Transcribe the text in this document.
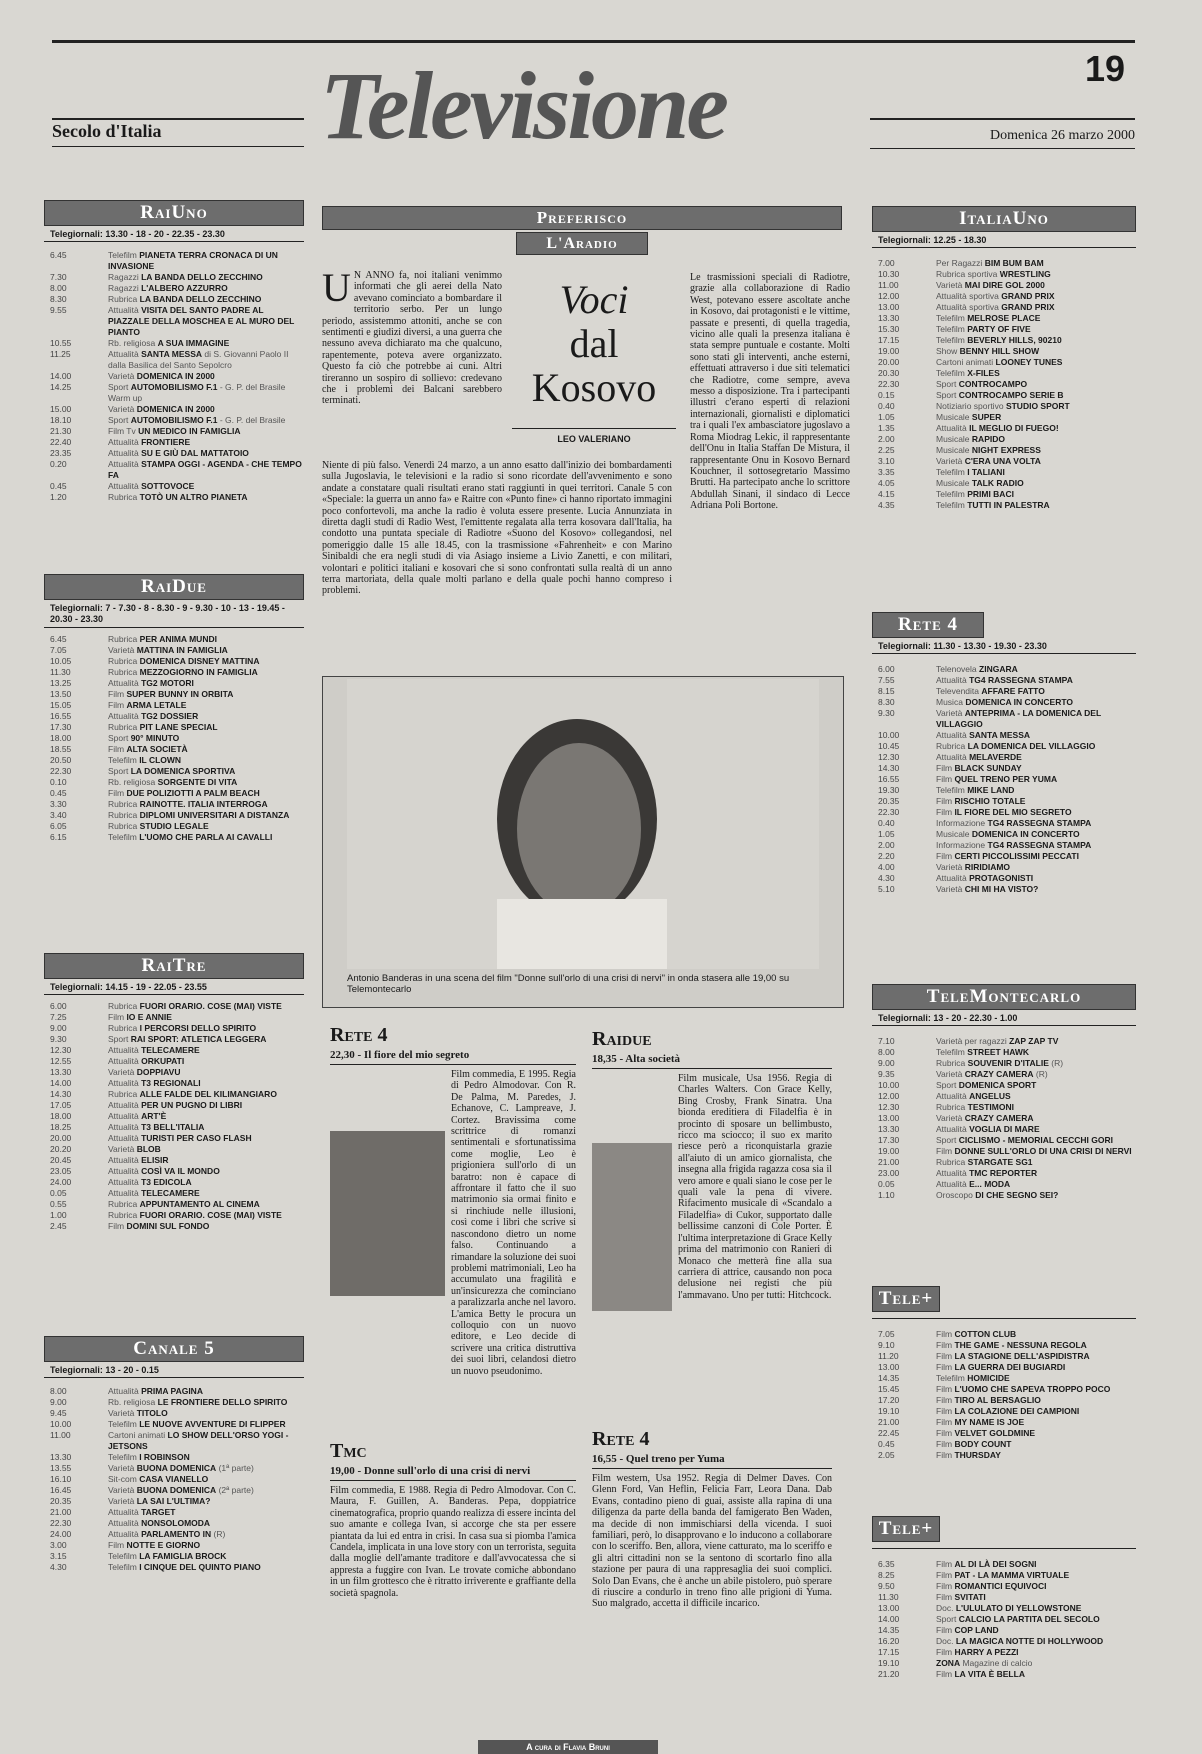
19
Secolo d'Italia Televisione	Domenica 26 marzo 2000
RaiUno
Telegiornali: 13.30 - 18 - 20 - 22.35 - 23.30
6.45	Telefilm PIANETA TERRA CRONACA DI UN INVASIONE
7.30	Ragazzi LA BANDA DELLO ZECCHINO
8.00	Ragazzi L'ALBERO AZZURRO
8.30	Rubrica LA BANDA DELLO ZECCHINO
9.55	Attualità VISITA DEL SANTO PADRE AL PIAZZALE DELLA MOSCHEA E AL MURO DEL PIANTO
10.55	Rb. religiosa A SUA IMMAGINE
11.25	Attualità SANTA MESSA di S. Giovanni Paolo II dalla Basilica del Santo Sepolcro
14.00	Varietà DOMENICA IN 2000
14.25	Sport AUTOMOBILISMO F.1 - G. P. del Brasile Warm up
15.00	Varietà DOMENICA IN 2000
18.10	Sport AUTOMOBILISMO F.1 - G. P. del Brasile
21.30	Film Tv UN MEDICO IN FAMIGLIA
22.40	Attualità FRONTIERE
23.35	Attualità SU E GIÙ DAL MATTATOIO
0.20	Attualità STAMPA OGGI - AGENDA - CHE TEMPO FA
0.45	Attualità SOTTOVOCE
1.20	Rubrica TOTÒ UN ALTRO PIANETA
RaiDue
Telegiornali: 7 - 7.30 - 8 - 8.30 - 9 - 9.30 - 10 - 13 - 19.45 - 20.30 - 23.30
6.45	Rubrica PER ANIMA MUNDI
7.05	Varietà MATTINA IN FAMIGLIA
10.05	Rubrica DOMENICA DISNEY MATTINA
11.30	Rubrica MEZZOGIORNO IN FAMIGLIA
13.25	Attualità TG2 MOTORI
13.50	Film SUPER BUNNY IN ORBITA
15.05	Film ARMA LETALE
16.55	Attualità TG2 DOSSIER
17.30	Rubrica PIT LANE SPECIAL
18.00	Sport 90° MINUTO
18.55	Film ALTA SOCIETÀ
20.50	Telefilm IL CLOWN
22.30	Sport LA DOMENICA SPORTIVA
0.10	Rb. religiosa SORGENTE DI VITA
0.45	Film DUE POLIZIOTTI A PALM BEACH
3.30	Rubrica RAINOTTE. ITALIA INTERROGA
3.40	Rubrica DIPLOMI UNIVERSITARI A DISTANZA
6.05	Rubrica STUDIO LEGALE
6.15	Telefilm L'UOMO CHE PARLA AI CAVALLI
RaiTre
Telegiornali: 14.15 - 19 - 22.05 - 23.55
6.00	Rubrica FUORI ORARIO. COSE (MAI) VISTE
7.25	Film IO E ANNIE
9.00	Rubrica I PERCORSI DELLO SPIRITO
9.30	Sport RAI SPORT: ATLETICA LEGGERA
12.30	Attualità TELECAMERE
12.55	Attualità ORKUPATI
13.30	Varietà DOPPIAVU
14.00	Attualità T3 REGIONALI
14.30	Rubrica ALLE FALDE DEL KILIMANGIARO
17.05	Attualità PER UN PUGNO DI LIBRI
18.00	Attualità ART'È
18.25	Attualità T3 BELL'ITALIA
20.00	Attualità TURISTI PER CASO FLASH
20.20	Varietà BLOB
20.45	Attualità ELISIR
23.05	Attualità COSÌ VA IL MONDO
24.00	Attualità T3 EDICOLA
0.05	Attualità TELECAMERE
0.55	Rubrica APPUNTAMENTO AL CINEMA
1.00	Rubrica FUORI ORARIO. COSE (MAI) VISTE
2.45	Film DOMINI SUL FONDO
Canale 5
Telegiornali: 13 - 20 - 0.15
8.00	Attualità PRIMA PAGINA
9.00	Rb. religiosa LE FRONTIERE DELLO SPIRITO
9.45	Varietà TITOLO
10.00	Telefilm LE NUOVE AVVENTURE DI FLIPPER
11.00	Cartoni animati LO SHOW DELL'ORSO YOGI - JETSONS
13.30	Telefilm I ROBINSON
13.55	Varietà BUONA DOMENICA (1ª parte)
16.10	Sit-com CASA VIANELLO
16.45	Varietà BUONA DOMENICA (2ª parte)
20.35	Varietà LA SAI L'ULTIMA?
21.00	Attualità TARGET
22.30	Attualità NONSOLOMODA
24.00	Attualità PARLAMENTO IN (R)
3.00	Film NOTTE E GIORNO
3.15	Telefilm LA FAMIGLIA BROCK
4.30	Telefilm I CINQUE DEL QUINTO PIANO
Preferisco
L'Aradio
U N ANNO fa, noi italiani venimmo informati che gli aerei della Nato avevano cominciato a bombardare il territorio serbo. Per un lungo periodo, assistemmo attoniti, anche se con sentimenti e giudizi diversi, a una guerra che nessuno aveva dichiarato ma che qualcuno, rapentemente, poteva avere organizzato. Questo fa ciò che potrebbe ai cuni. Altri tireranno un sospiro di sollievo: credevano che i problemi dei Balcani sarebbero terminati.
Voci
dal
Kosovo
LEO VALERIANO
Niente di più falso. Venerdì 24 marzo, a un anno esatto dall'inizio dei bombardamenti sulla Jugoslavia, le televisioni e la radio si sono ricordate dell'avvenimento e sono andate a constatare quali risultati erano stati raggiunti in quei territori. Canale 5 con «Speciale: la guerra un anno fa» e Raitre con «Punto fine» ci hanno riportato immagini poco confortevoli, ma anche la radio è voluta essere presente. Lucia Annunziata in diretta dagli studi di Radio West, l'emittente regalata alla terra kosovara dall'Italia, ha condotto una puntata speciale di Radiotre «Suono del Kosovo» collegandosi, nel pomeriggio dalle 15 alle 18.45, con la trasmissione «Fahrenheit» e con Marino Sinibaldi che era negli studi di via Asiago insieme a Livio Zanetti, e con militari, volontari e politici italiani e kosovari che si sono confrontati sulla realtà di un anno terra martoriata, della quale molti parlano e della quale pochi hanno compreso i problemi.
Le trasmissioni speciali di Radiotre, grazie alla collaborazione di Radio West, potevano essere ascoltate anche in Kosovo, dai protagonisti e le vittime, passate e presenti, di quella tragedia, vicino alle quali la presenza italiana è stata sempre puntuale e costante. Molti sono stati gli interventi, anche esterni, effettuati attraverso i due siti telematici che Radiotre, come sempre, aveva messo a disposizione. Tra i partecipanti illustri c'erano esperti di relazioni internazionali, giornalisti e diplomatici tra i quali l'ex ambasciatore jugoslavo a Roma Miodrag Lekic, il rappresentante dell'Onu in Italia Staffan De Mistura, il rappresentante Onu in Kosovo Bernard Kouchner, il sottosegretario Massimo Brutti. Ha partecipato anche lo scrittore Abdullah Sinani, il sindaco di Lecce Adriana Poli Bortone.
Antonio Banderas in una scena del film "Donne sull'orlo di una crisi di nervi" in onda stasera alle 19,00 su Telemontecarlo
Rete 4
22,30 - Il fiore del mio segreto
Film commedia, E 1995. Regia di Pedro Almodovar. Con R. De Palma, M. Paredes, J. Echanove, C. Lampreave, J. Cortez. Bravissima come scrittrice di romanzi sentimentali e sfortunatissima come moglie, Leo è prigioniera sull'orlo di un baratro: non è capace di affrontare il fatto che il suo matrimonio sia ormai finito e si rinchiude nelle illusioni, così come i libri che scrive si nascondono dietro un nome falso. Continuando a rimandare la soluzione dei suoi problemi matrimoniali, Leo ha accumulato una fragilità e un'insicurezza che cominciano a paralizzarla anche nel lavoro. L'amica Betty le procura un colloquio con un nuovo editore, e Leo decide di scrivere una critica distruttiva dei suoi libri, celandosi dietro un nuovo pseudonimo.
Raidue
18,35 - Alta società
Film musicale, Usa 1956. Regia di Charles Walters. Con Grace Kelly, Bing Crosby, Frank Sinatra. Una bionda ereditiera di Filadelfia è in procinto di sposare un bellimbusto, ricco ma sciocco; il suo ex marito riesce però a riconquistarla grazie all'aiuto di un amico giornalista, che insegna alla frigida ragazza cosa sia il vero amore e quali siano le cose per le quali vale la pena di vivere. Rifacimento musicale di «Scandalo a Filadelfia» di Cukor, supportato dalle bellissime canzoni di Cole Porter. È l'ultima interpretazione di Grace Kelly prima del matrimonio con Ranieri di Monaco che metterà fine alla sua carriera di attrice, causando non poca delusione nei registi che più l'ammavano. Uno per tutti: Hitchcock.
Tmc
19,00 - Donne sull'orlo di una crisi di nervi
Film commedia, E 1988. Regia di Pedro Almodovar. Con C. Maura, F. Guillen, A. Banderas. Pepa, doppiatrice cinematografica, proprio quando realizza di essere incinta del suo amante e collega Ivan, si accorge che sta per essere piantata da lui ed entra in crisi. In casa sua si piomba l'amica Candela, implicata in una love story con un terrorista, seguita dalla moglie dell'amante traditore e dall'avvocatessa che si appresta a fuggire con Ivan. Le trovate comiche abbondano in un film grottesco che è ritratto irriverente e graffiante della società spagnola.
Rete 4
16,55 - Quel treno per Yuma
Film western, Usa 1952. Regia di Delmer Daves. Con Glenn Ford, Van Heflin, Felicia Farr, Leora Dana. Dab Evans, contadino pieno di guai, assiste alla rapina di una diligenza da parte della banda del famigerato Ben Waden, ma decide di non immischiarsi della vicenda. I suoi familiari, però, lo disapprovano e lo inducono a collaborare con lo sceriffo. Ben, allora, viene catturato, ma lo sceriffo e gli altri cittadini non se la sentono di scortarlo fino alla stazione per paura di una rappresaglia dei suoi complici. Solo Dan Evans, che è anche un abile pistolero, può sperare di riuscire a condurlo in treno fino alle prigioni di Yuma. Suo malgrado, accetta il difficile incarico.
A cura di Flavia Bruni
ItaliaUno
Telegiornali: 12.25 - 18.30
7.00	Per Ragazzi BIM BUM BAM
10.30	Rubrica sportiva WRESTLING
11.00	Varietà MAI DIRE GOL 2000
12.00	Attualità sportiva GRAND PRIX
13.00	Attualità sportiva GRAND PRIX
13.30	Telefilm MELROSE PLACE
15.30	Telefilm PARTY OF FIVE
17.15	Telefilm BEVERLY HILLS, 90210
19.00	Show BENNY HILL SHOW
20.00	Cartoni animati LOONEY TUNES
20.30	Telefilm X-FILES
22.30	Sport CONTROCAMPO
0.15	Sport CONTROCAMPO SERIE B
0.40	Notiziario sportivo STUDIO SPORT
1.05	Musicale SUPER
1.35	Attualità IL MEGLIO DI FUEGO!
2.00	Musicale RAPIDO
2.25	Musicale NIGHT EXPRESS
3.10	Varietà C'ERA UNA VOLTA
3.35	Telefilm I TALIANI
4.05	Musicale TALK RADIO
4.15	Telefilm PRIMI BACI
4.35	Telefilm TUTTI IN PALESTRA
Rete 4
Telegiornali: 11.30 - 13.30 - 19.30 - 23.30
6.00	Telenovela ZINGARA
7.55	Attualità TG4 RASSEGNA STAMPA
8.15	Televendita AFFARE FATTO
8.30	Musica DOMENICA IN CONCERTO
9.30	Varietà ANTEPRIMA - LA DOMENICA DEL VILLAGGIO
10.00	Attualità SANTA MESSA
10.45	Rubrica LA DOMENICA DEL VILLAGGIO
12.30	Attualità MELAVERDE
14.30	Film BLACK SUNDAY
16.55	Film QUEL TRENO PER YUMA
19.30	Telefilm MIKE LAND
20.35	Film RISCHIO TOTALE
22.30	Film IL FIORE DEL MIO SEGRETO
0.40	Informazione TG4 RASSEGNA STAMPA
1.05	Musicale DOMENICA IN CONCERTO
2.00	Informazione TG4 RASSEGNA STAMPA
2.20	Film CERTI PICCOLISSIMI PECCATI
4.00	Varietà RIRIDIAMO
4.30	Attualità PROTAGONISTI
5.10	Varietà CHI MI HA VISTO?
TeleMontecarlo
Telegiornali: 13 - 20 - 22.30 - 1.00
7.10	Varietà per ragazzi ZAP ZAP TV
8.00	Telefilm STREET HAWK
9.00	Rubrica SOUVENIR D'ITALIE (R)
9.35	Varietà CRAZY CAMERA (R)
10.00	Sport DOMENICA SPORT
12.00	Attualità ANGELUS
12.30	Rubrica TESTIMONI
13.00	Varietà CRAZY CAMERA
13.30	Attualità VOGLIA DI MARE
17.30	Sport CICLISMO - MEMORIAL CECCHI GORI
19.00	Film DONNE SULL'ORLO DI UNA CRISI DI NERVI
21.00	Rubrica STARGATE SG1
23.00	Attualità TMC REPORTER
0.05	Attualità E... MODA
1.10	Oroscopo DI CHE SEGNO SEI?
Tele+
7.05	Film COTTON CLUB
9.10	Film THE GAME - NESSUNA REGOLA
11.20	Film LA STAGIONE DELL'ASPIDISTRA
13.00	Film LA GUERRA DEI BUGIARDI
14.35	Telefilm HOMICIDE
15.45	Film L'UOMO CHE SAPEVA TROPPO POCO
17.20	Film TIRO AL BERSAGLIO
19.10	Film LA COLAZIONE DEI CAMPIONI
21.00	Film MY NAME IS JOE
22.45	Film VELVET GOLDMINE
0.45	Film BODY COUNT
2.05	Film THURSDAY
Tele+
6.35	Film AL DI LÀ DEI SOGNI
8.25	Film PAT - LA MAMMA VIRTUALE
9.50	Film ROMANTICI EQUIVOCI
11.30	Film SVITATI
13.00	Doc. L'ULULATO DI YELLOWSTONE
14.00	Sport CALCIO LA PARTITA DEL SECOLO
14.35	Film COP LAND
16.20	Doc. LA MAGICA NOTTE DI HOLLYWOOD
17.15	Film HARRY A PEZZI
19.10	ZONA Magazine di calcio
21.20	Film LA VITA È BELLA
